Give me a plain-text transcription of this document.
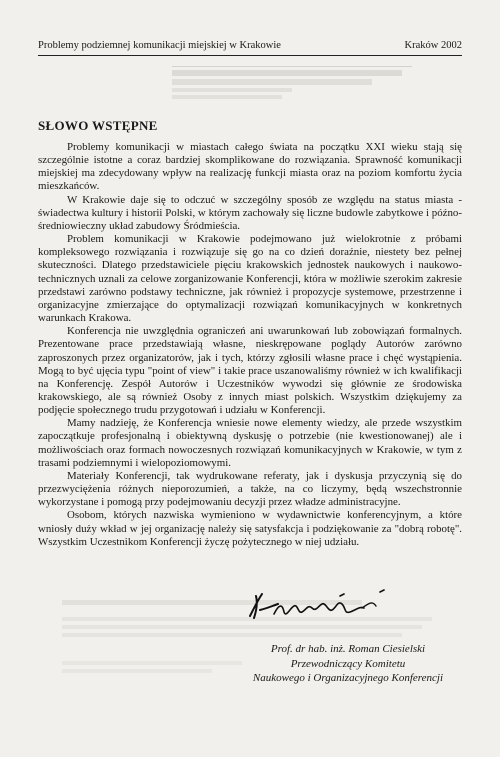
Problemy podziemnej komunikacji miejskiej w Krakowie	Kraków 2002
SŁOWO WSTĘPNE

Problemy komunikacji w miastach całego świata na początku XXI wieku stają się szczególnie istotne a coraz bardziej skomplikowane do rozwiązania. Sprawność komunikacji miejskiej ma zdecydowany wpływ na realizację funkcji miasta oraz na poziom komfortu życia mieszkańców.

W Krakowie daje się to odczuć w szczególny sposób ze względu na status miasta - świadectwa kultury i historii Polski, w którym zachowały się liczne budowle zabytkowe i późno-średniowieczny układ zabudowy Śródmieścia.

Problem komunikacji w Krakowie podejmowano już wielokrotnie z próbami kompleksowego rozwiązania i rozwiązuje się go na co dzień doraźnie, niestety bez pełnej skuteczności. Dlatego przedstawiciele pięciu krakowskich jednostek naukowych i naukowo-technicznych uznali za celowe zorganizowanie Konferencji, która w możliwie szerokim zakresie przedstawi zarówno podstawy techniczne, jak również i propozycje systemowe, przestrzenne i organizacyjne zmierzające do optymalizacji rozwiązań komunikacyjnych w konkretnych warunkach Krakowa.

Konferencja nie uwzględnia ograniczeń ani uwarunkowań lub zobowiązań formalnych. Prezentowane prace przedstawiają własne, nieskrępowane poglądy Autorów zarówno zaproszonych przez organizatorów, jak i tych, którzy zgłosili własne prace i chęć wystąpienia. Mogą to być ujęcia typu "point of view" i takie prace uszanowaliśmy również w ich kwalifikacji na Konferencję. Zespół Autorów i Uczestników wywodzi się głównie ze środowiska krakowskiego, ale są również Osoby z innych miast polskich. Wszystkim dziękujemy za podjęcie społecznego trudu przygotowań i udziału w Konferencji.

Mamy nadzieję, że Konferencja wniesie nowe elementy wiedzy, ale przede wszystkim zapoczątkuje profesjonalną i obiektywną dyskusję o potrzebie (nie kwestionowanej) ale i możliwościach oraz formach nowoczesnych rozwiązań komunikacyjnych w Krakowie, w tym z trasami podziemnymi i wielopoziomowymi.

Materiały Konferencji, tak wydrukowane referaty, jak i dyskusja przyczynią się do przezwyciężenia różnych nieporozumień, a także, na co liczymy, będą wszechstronnie wykorzystane i pomogą przy podejmowaniu decyzji przez władze administracyjne.

Osobom, których nazwiska wymieniono w wydawnictwie konferencyjnym, a które wniosły duży wkład w jej organizację należy się satysfakcja i podziękowanie za "dobrą robotę". Wszystkim Uczestnikom Konferencji życzę pożytecznego w niej udziału.

Prof. dr hab. inż. Roman Ciesielski
Przewodniczący Komitetu
Naukowego i Organizacyjnego Konferencji
